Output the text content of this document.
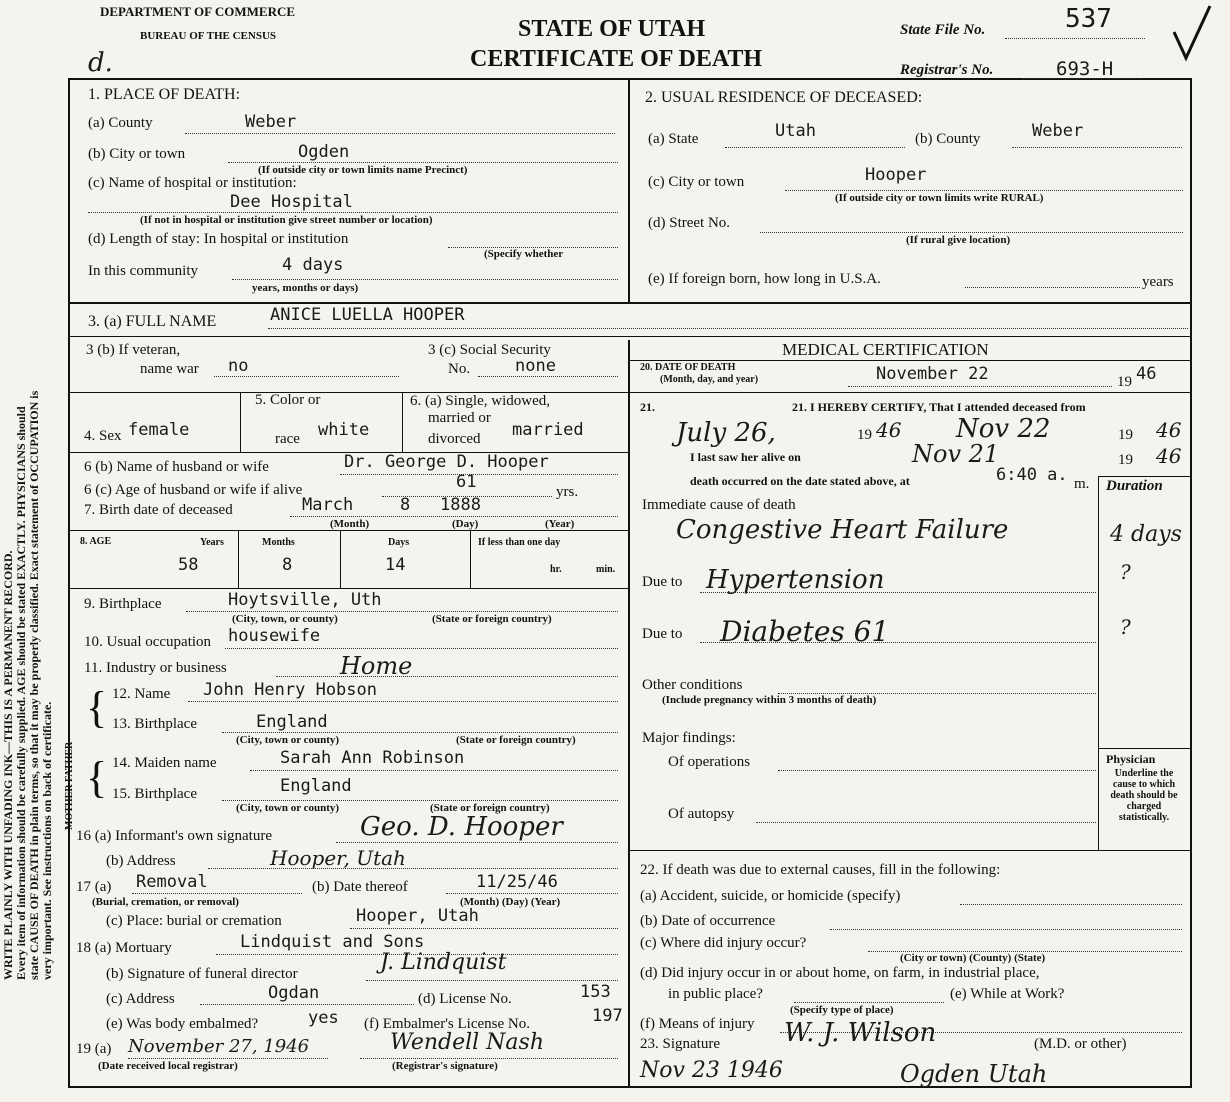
WRITE PLAINLY WITH UNFADING INK—THIS IS A PERMANENT RECORD. Every item of information should be carefully supplied. AGE should be stated EXACTLY. PHYSICIANS should state CAUSE OF DEATH in plain terms, so that it may be properly classified. Exact statement of OCCUPATION is very important. See instructions on back of certificate. MOTHER FATHER
DEPARTMENT OF COMMERCE
BUREAU OF THE CENSUS
d.
STATE OF UTAH
CERTIFICATE OF DEATH
State File No.	537
Registrar's No.	693-H
1. PLACE OF DEATH:
(a) County	Weber
(b) City or town	Ogden
(If outside city or town limits name Precinct)
(c) Name of hospital or institution:
Dee Hospital
(If not in hospital or institution give street number or location)
(d) Length of stay: In hospital or institution
(Specify whether
In this community	4 days
years, months or days)
2. USUAL RESIDENCE OF DECEASED:
(a) State	Utah	(b) County	Weber
(c) City or town	Hooper
(If outside city or town limits write RURAL)
(d) Street No.
(If rural give location)
(e) If foreign born, how long in U.S.A.	years
3. (a) FULL NAME	ANICE LUELLA HOOPER
3 (b) If veteran,
name war no
3 (c) Social Security
No.	none
4. Sex female
5. Color or
race white
6. (a) Single, widowed,
married or
divorced married
6 (b) Name of husband or wife	Dr. George D. Hooper
6 (c) Age of husband or wife if alive	61	yrs.
7. Birth date of deceased	March	8 1888
(Month)	(Day)	(Year)
8. AGE	Years	Months	Days	If less than one day
58	8	14	hr.	min.
9. Birthplace	Hoytsville, Uth
(City, town, or county)	(State or foreign country)
10. Usual occupation housewife
11. Industry or business	Home
12. Name John Henry Hobson
13. Birthplace	England
(City, town or county)	(State or foreign country)
14. Maiden name	Sarah Ann Robinson
15. Birthplace	England
(City, town or county)	(State or foreign country)
{
{
16 (a) Informant's own signature	Geo. D. Hooper
(b) Address	Hooper, Utah
17 (a) Removal
(Burial, cremation, or removal)
(b) Date thereof	11/25/46
(Month) (Day) (Year)
(c) Place: burial or cremation	Hooper, Utah
18 (a) Mortuary	Lindquist and Sons
(b) Signature of funeral director	J. Lindquist
(c) Address	Ogdan	(d) License No.	153
(e) Was body embalmed?	yes (f) Embalmer's License No.	197
19 (a) November 27, 1946	Wendell Nash
(Date received local registrar)	(Registrar's signature)
MEDICAL CERTIFICATION
20. DATE OF DEATH
(Month, day, and year)	November 22	19 46
21.	21. I HEREBY CERTIFY, That I attended deceased from
July 26,	19 46 Nov 22	19 46
I last saw her alive on	Nov 21	19 46
death occurred on the date stated above, at	6:40 a. m. Duration
Immediate cause of death
Congestive Heart Failure	4 days
Due to Hypertension	?
Due to Diabetes 61	?
Other conditions
(Include pregnancy within 3 months of death)
Major findings:
Of operations
Of autopsy
Physician
Underline the cause to which death should be charged statistically.
22. If death was due to external causes, fill in the following:
(a) Accident, suicide, or homicide (specify)
(b) Date of occurrence
(c) Where did injury occur?
(City or town) (County) (State)
(d) Did injury occur in or about home, on farm, in industrial place,
in public place?	(e) While at Work?
(Specify type of place)
(f) Means of injury
23. Signature W. J. Wilson	(M.D. or other)
Nov 23 1946	Ogden Utah
